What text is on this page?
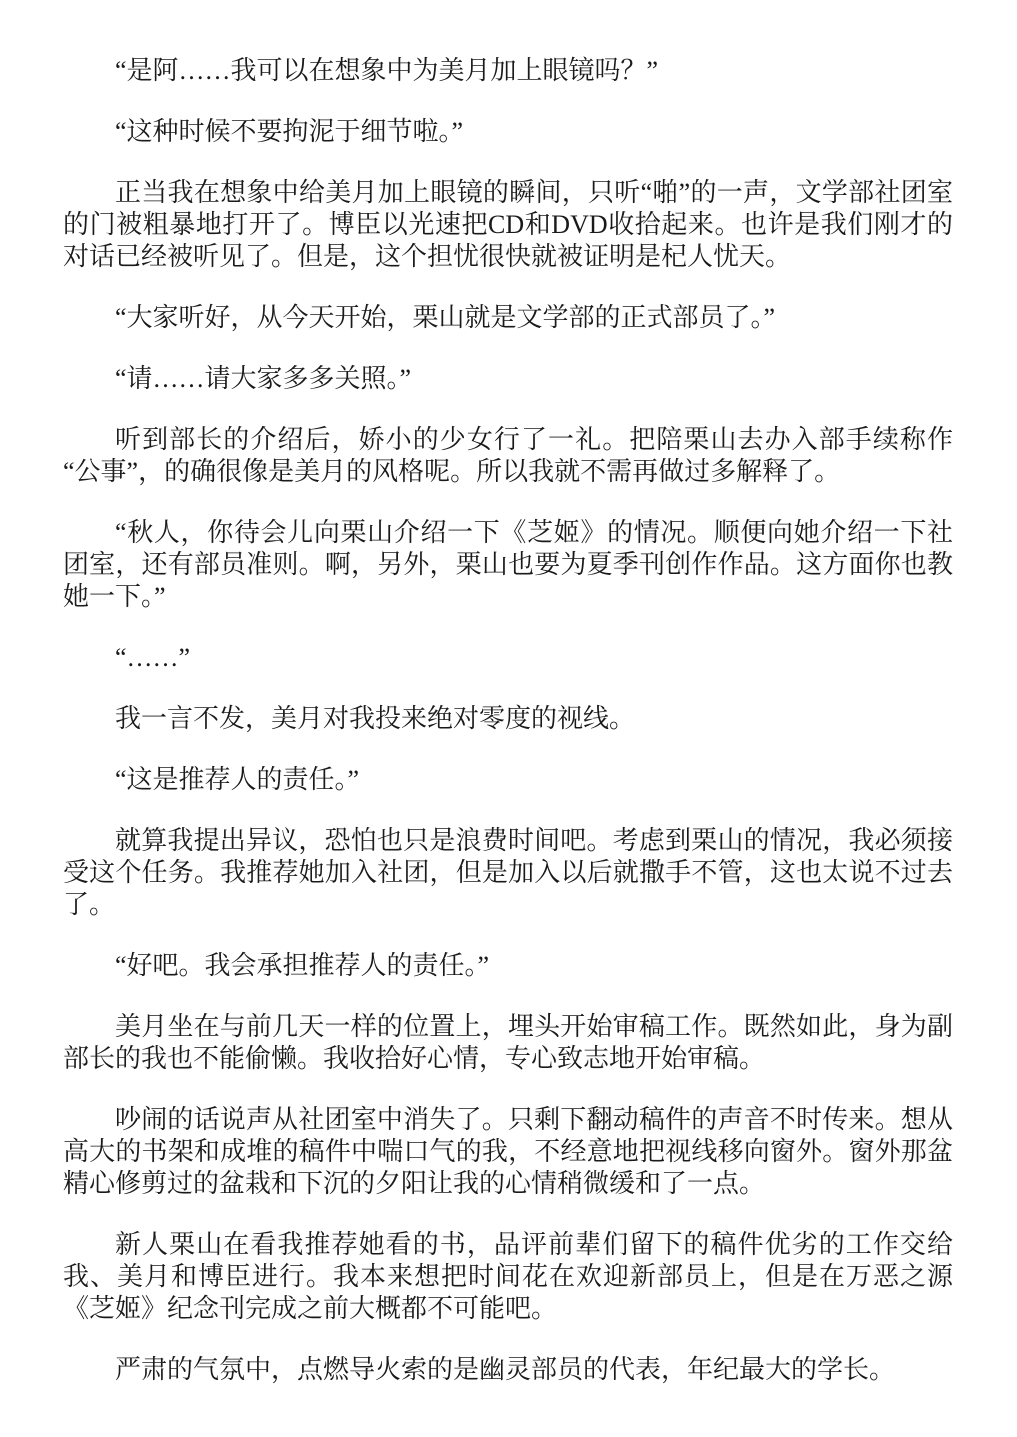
“是阿……我可以在想象中为美月加上眼镜吗？”

“这种时候不要拘泥于细节啦。”

正当我在想象中给美月加上眼镜的瞬间，只听“啪”的一声，文学部社团室的门被粗暴地打开了。博臣以光速把CD和DVD收拾起来。也许是我们刚才的对话已经被听见了。但是，这个担忧很快就被证明是杞人忧天。

“大家听好，从今天开始，栗山就是文学部的正式部员了。”

“请……请大家多多关照。”

听到部长的介绍后，娇小的少女行了一礼。把陪栗山去办入部手续称作“公事”，的确很像是美月的风格呢。所以我就不需再做过多解释了。

“秋人，你待会儿向栗山介绍一下《芝姬》的情况。顺便向她介绍一下社团室，还有部员准则。啊，另外，栗山也要为夏季刊创作作品。这方面你也教她一下。”

“……”

我一言不发，美月对我投来绝对零度的视线。

“这是推荐人的责任。”

就算我提出异议，恐怕也只是浪费时间吧。考虑到栗山的情况，我必须接受这个任务。我推荐她加入社团，但是加入以后就撒手不管，这也太说不过去了。

“好吧。我会承担推荐人的责任。”

美月坐在与前几天一样的位置上，埋头开始审稿工作。既然如此，身为副部长的我也不能偷懒。我收拾好心情，专心致志地开始审稿。

吵闹的话说声从社团室中消失了。只剩下翻动稿件的声音不时传来。想从高大的书架和成堆的稿件中喘口气的我，不经意地把视线移向窗外。窗外那盆精心修剪过的盆栽和下沉的夕阳让我的心情稍微缓和了一点。

新人栗山在看我推荐她看的书，品评前辈们留下的稿件优劣的工作交给我、美月和博臣进行。我本来想把时间花在欢迎新部员上，但是在万恶之源《芝姬》纪念刊完成之前大概都不可能吧。

严肃的气氛中，点燃导火索的是幽灵部员的代表，年纪最大的学长。
